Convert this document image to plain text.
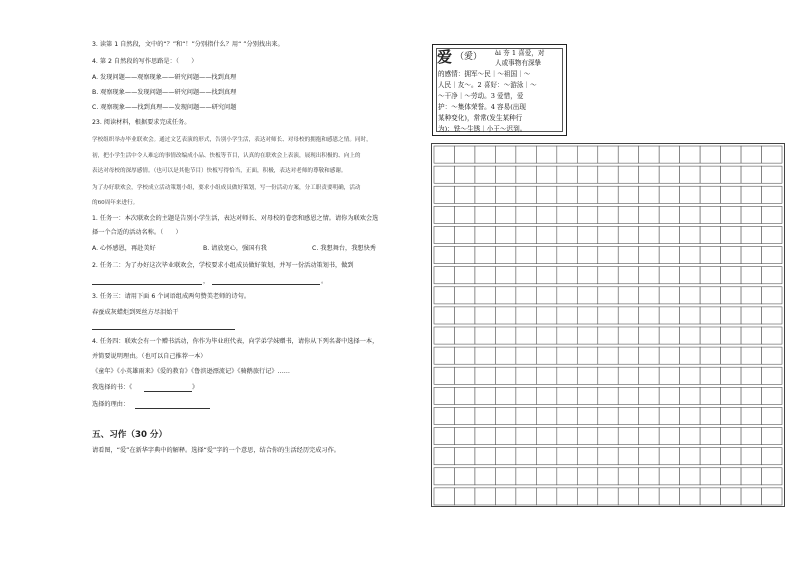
3. 读第 1 自然段，文中的“？”和“！”分别指什么？用“ ”分别找出来。
4. 第 2 自然段的写作思路是：（　　）
A. 发现问题——观察现象——研究问题——找到真理
B. 观察现象——发现问题——研究问题——找到真理
C. 观察现象——找到真理——发现问题——研究问题
23. 阅读材料，根据要求完成任务。
学校组织举办毕业联欢会。通过文艺表演的形式，告别小学生活，表达对师长、对母校的拥抱和感恩之情。同时，
初，把小学生活中令人难忘的事情改编成小品、快板等节目，认真的在联欢会上表演，展现出积极的、向上的
表达对母校的深厚感情。（也可以是其他节目）快板写得恰当，正面，积极，表达对老师的尊敬和感谢。
为了办好联欢会，学校成立活动策划小组，要求小组成员做好策划，写一份活动方案，分工职责要明确，活动
的60周年来进行。
1. 任务一：本次联欢会的主题是告别小学生活，表达对师长、对母校的眷恋和感恩之情。请你为联欢会选
择一个合适的活动名称。（　　）
A. 心怀感恩，再赴美好	B. 请放宽心，强国有我	C. 我想舞台，我想快秀
2. 任务二：为了办好这次毕业联欢会，学校要求小组成员做好策划，并写一份活动策划书，做到
，	。
3. 任务三：请用下面 6 个词语组成两句赞美老师的诗句。
春蚕成灰蜡炬到死丝方尽泪始干
4. 任务四：联欢会有一个赠书活动，你作为毕业班代表，向学弟学妹赠书，请你从下列名著中选择一本，
并简要说明理由。（也可以自己推荐一本）
《童年》《小英雄雨来》《爱的教育》《鲁滨逊漂流记》《骑鹅旅行记》……
我选择的书：《	》
选择的理由：
五、习作（30 分）
请看图，“爱”在新华字典中的解释。选择“爱”字的一个意思，结合你的生活经历完成习作。
爱 （愛） ài 夯 1 喜爱，对
人或事物有深挚
的感情：拥军～民｜～祖国｜～
人民｜友～。2 喜好：～游泳｜～
～干净｜～劳动。3 爱惜，爱
护：～集体荣誉。4 容易(出现
某种变化)，常常(发生某种行
为)：铁～生锈｜小王～迟到。
